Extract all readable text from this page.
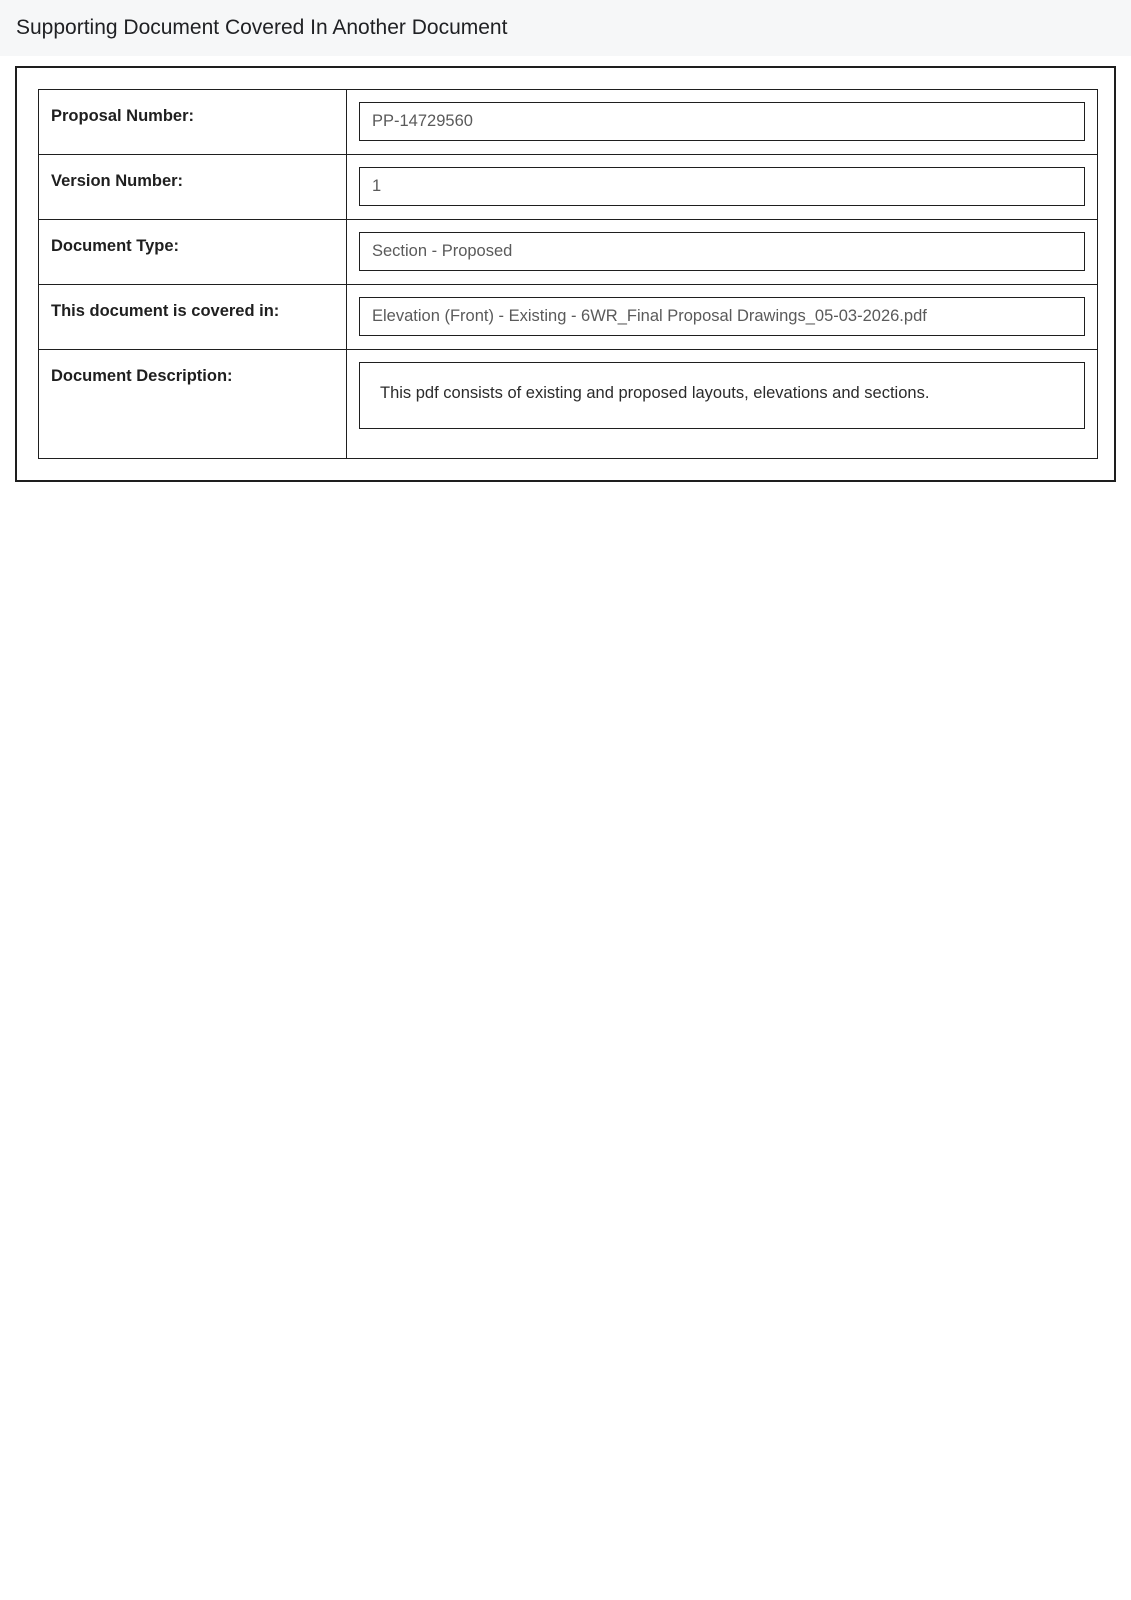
Supporting Document Covered In Another Document
Proposal Number:	PP-14729560

Version Number:	1

Document Type:	Section - Proposed

This document is covered in:	Elevation (Front) - Existing - 6WR_Final Proposal Drawings_05-03-2026.pdf

Document Description:	This pdf consists of existing and proposed layouts, elevations and sections.
